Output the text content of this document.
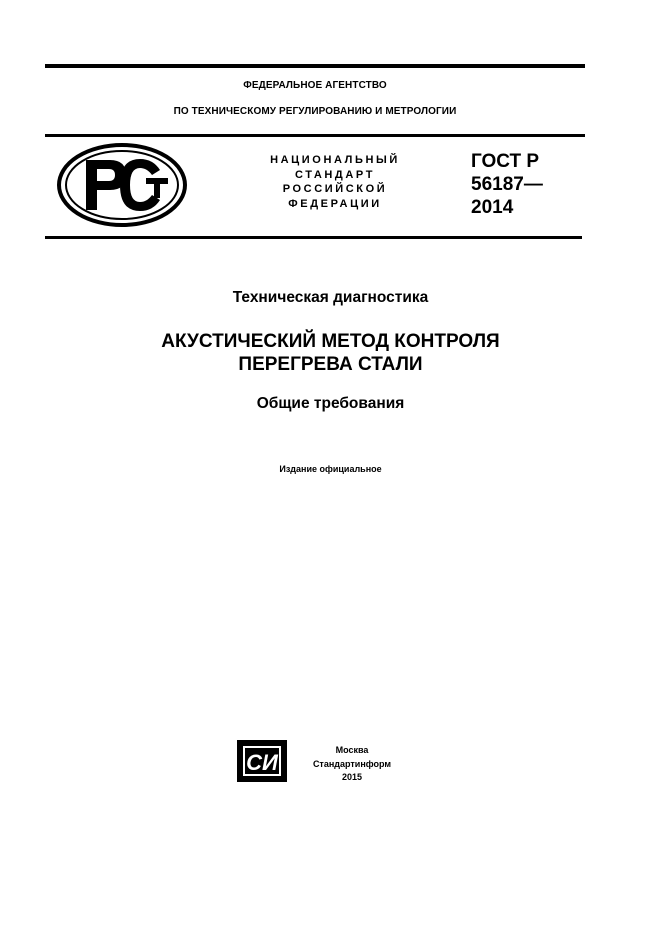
ФЕДЕРАЛЬНОЕ АГЕНТСТВО
ПО ТЕХНИЧЕСКОМУ РЕГУЛИРОВАНИЮ И МЕТРОЛОГИИ
НАЦИОНАЛЬНЫЙ
СТАНДАРТ
РОССИЙСКОЙ
ФЕДЕРАЦИИ
ГОСТ Р
56187—
2014
Техническая диагностика
АКУСТИЧЕСКИЙ МЕТОД КОНТРОЛЯ
ПЕРЕГРЕВА СТАЛИ
Общие требования
Издание официальное
СИ	Москва
Стандартинформ
2015
